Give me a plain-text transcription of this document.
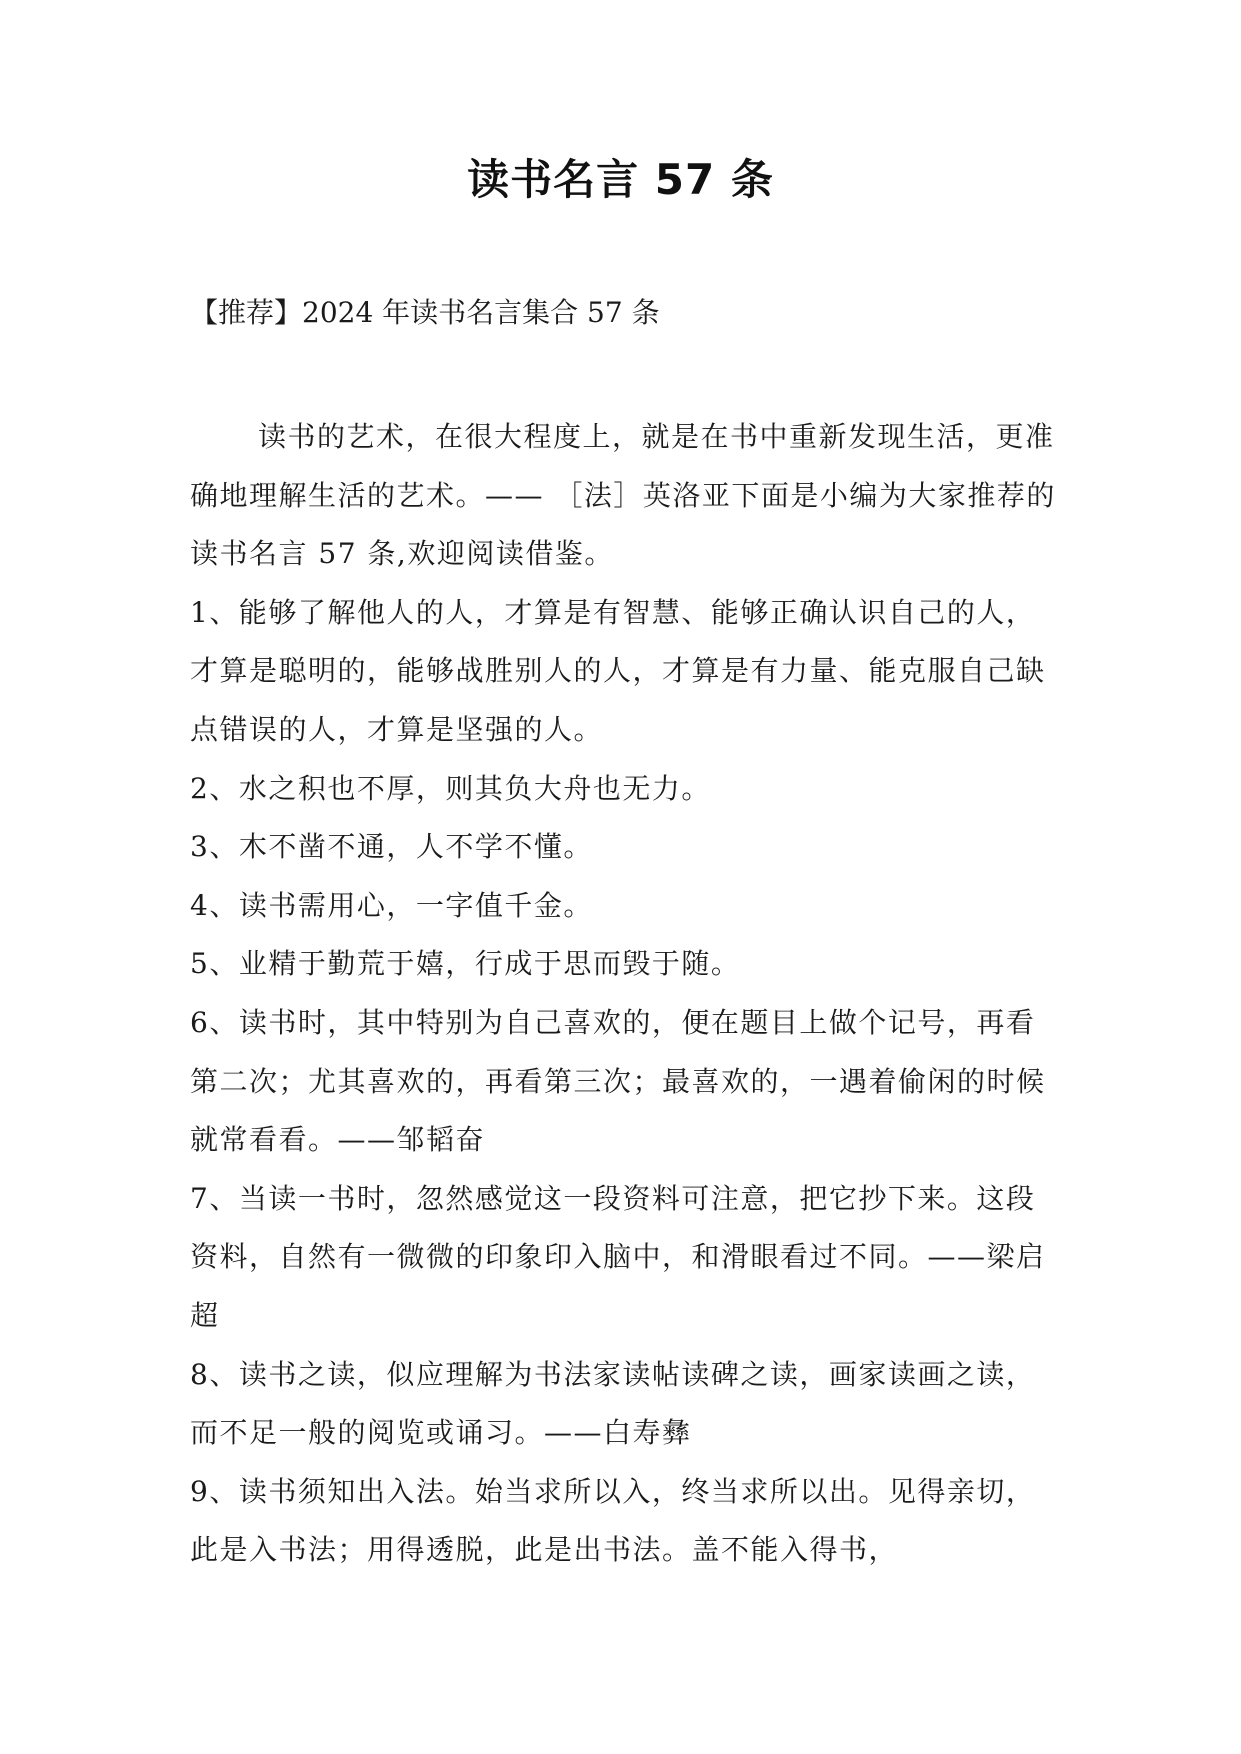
读书名言 57 条

【推荐】2024 年读书名言集合 57 条

读书的艺术，在很大程度上，就是在书中重新发现生活，更准确地理解生活的艺术。—— ［法］英洛亚下面是小编为大家推荐的读书名言 57 条,欢迎阅读借鉴。

1、能够了解他人的人，才算是有智慧、能够正确认识自己的人，才算是聪明的，能够战胜别人的人，才算是有力量、能克服自己缺点错误的人，才算是坚强的人。

2、水之积也不厚，则其负大舟也无力。

3、木不凿不通，人不学不懂。

4、读书需用心，一字值千金。

5、业精于勤荒于嬉，行成于思而毁于随。

6、读书时，其中特别为自己喜欢的，便在题目上做个记号，再看第二次；尤其喜欢的，再看第三次；最喜欢的，一遇着偷闲的时候就常看看。——邹韬奋

7、当读一书时，忽然感觉这一段资料可注意，把它抄下来。这段资料，自然有一微微的印象印入脑中，和滑眼看过不同。——梁启超

8、读书之读，似应理解为书法家读帖读碑之读，画家读画之读，而不足一般的阅览或诵习。——白寿彝

9、读书须知出入法。始当求所以入，终当求所以出。见得亲切，此是入书法；用得透脱，此是出书法。盖不能入得书，
